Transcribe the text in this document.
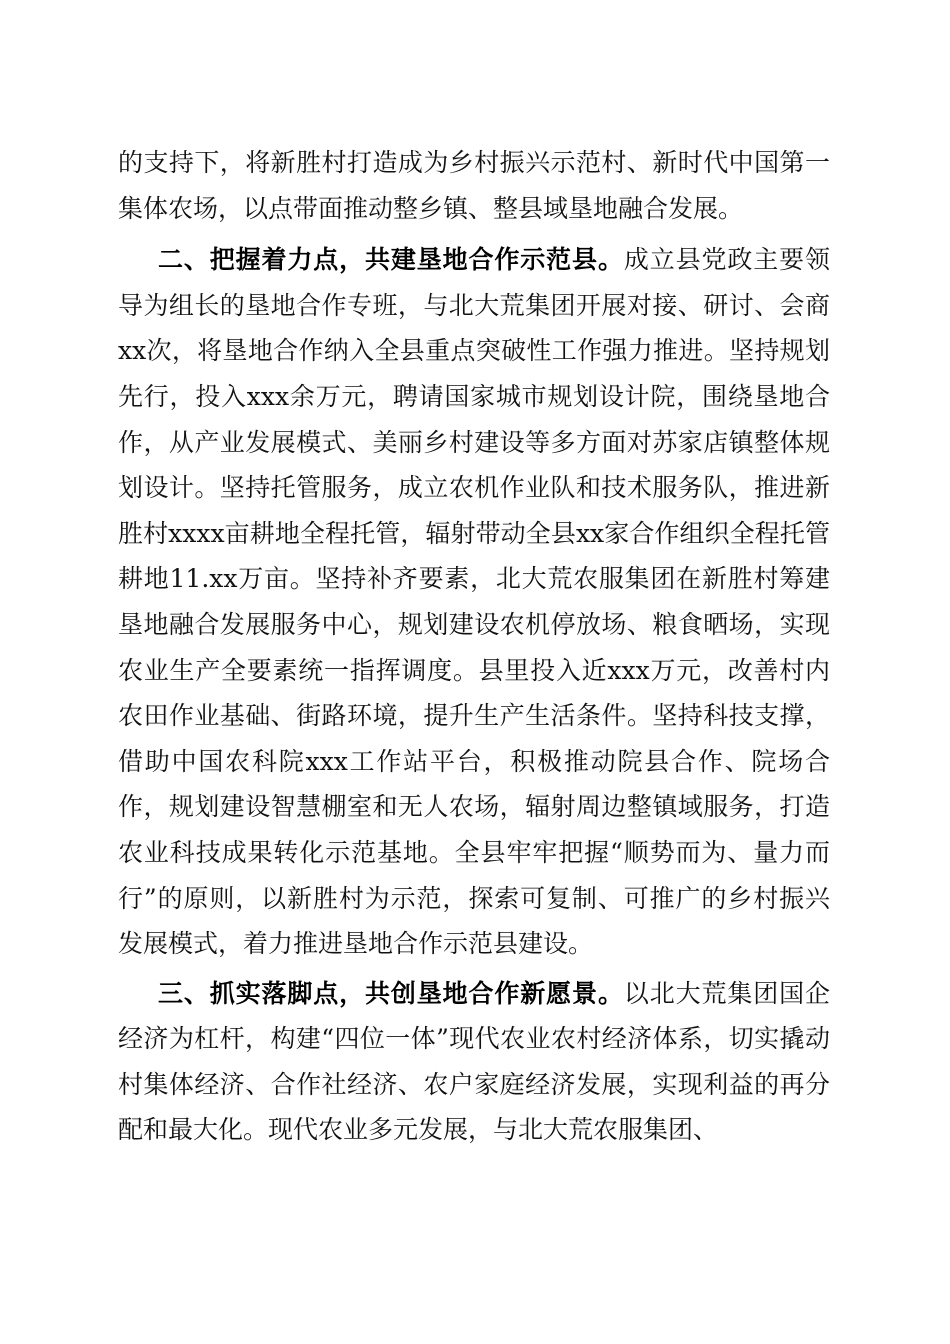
的支持下，将新胜村打造成为乡村振兴示范村、新时代中国第一集体农场，以点带面推动整乡镇、整县域垦地融合发展。

二、把握着力点，共建垦地合作示范县。成立县党政主要领导为组长的垦地合作专班，与北大荒集团开展对接、研讨、会商xx次，将垦地合作纳入全县重点突破性工作强力推进。坚持规划先行，投入xxx余万元，聘请国家城市规划设计院，围绕垦地合作，从产业发展模式、美丽乡村建设等多方面对苏家店镇整体规划设计。坚持托管服务，成立农机作业队和技术服务队，推进新胜村xxxx亩耕地全程托管，辐射带动全县xx家合作组织全程托管耕地11.xx万亩。坚持补齐要素，北大荒农服集团在新胜村筹建垦地融合发展服务中心，规划建设农机停放场、粮食晒场，实现农业生产全要素统一指挥调度。县里投入近xxx万元，改善村内农田作业基础、街路环境，提升生产生活条件。坚持科技支撑，借助中国农科院xxx工作站平台，积极推动院县合作、院场合作，规划建设智慧棚室和无人农场，辐射周边整镇域服务，打造农业科技成果转化示范基地。全县牢牢把握“顺势而为、量力而行”的原则，以新胜村为示范，探索可复制、可推广的乡村振兴发展模式，着力推进垦地合作示范县建设。

三、抓实落脚点，共创垦地合作新愿景。以北大荒集团国企经济为杠杆，构建“四位一体”现代农业农村经济体系，切实撬动村集体经济、合作社经济、农户家庭经济发展，实现利益的再分配和最大化。现代农业多元发展，与北大荒农服集团、
